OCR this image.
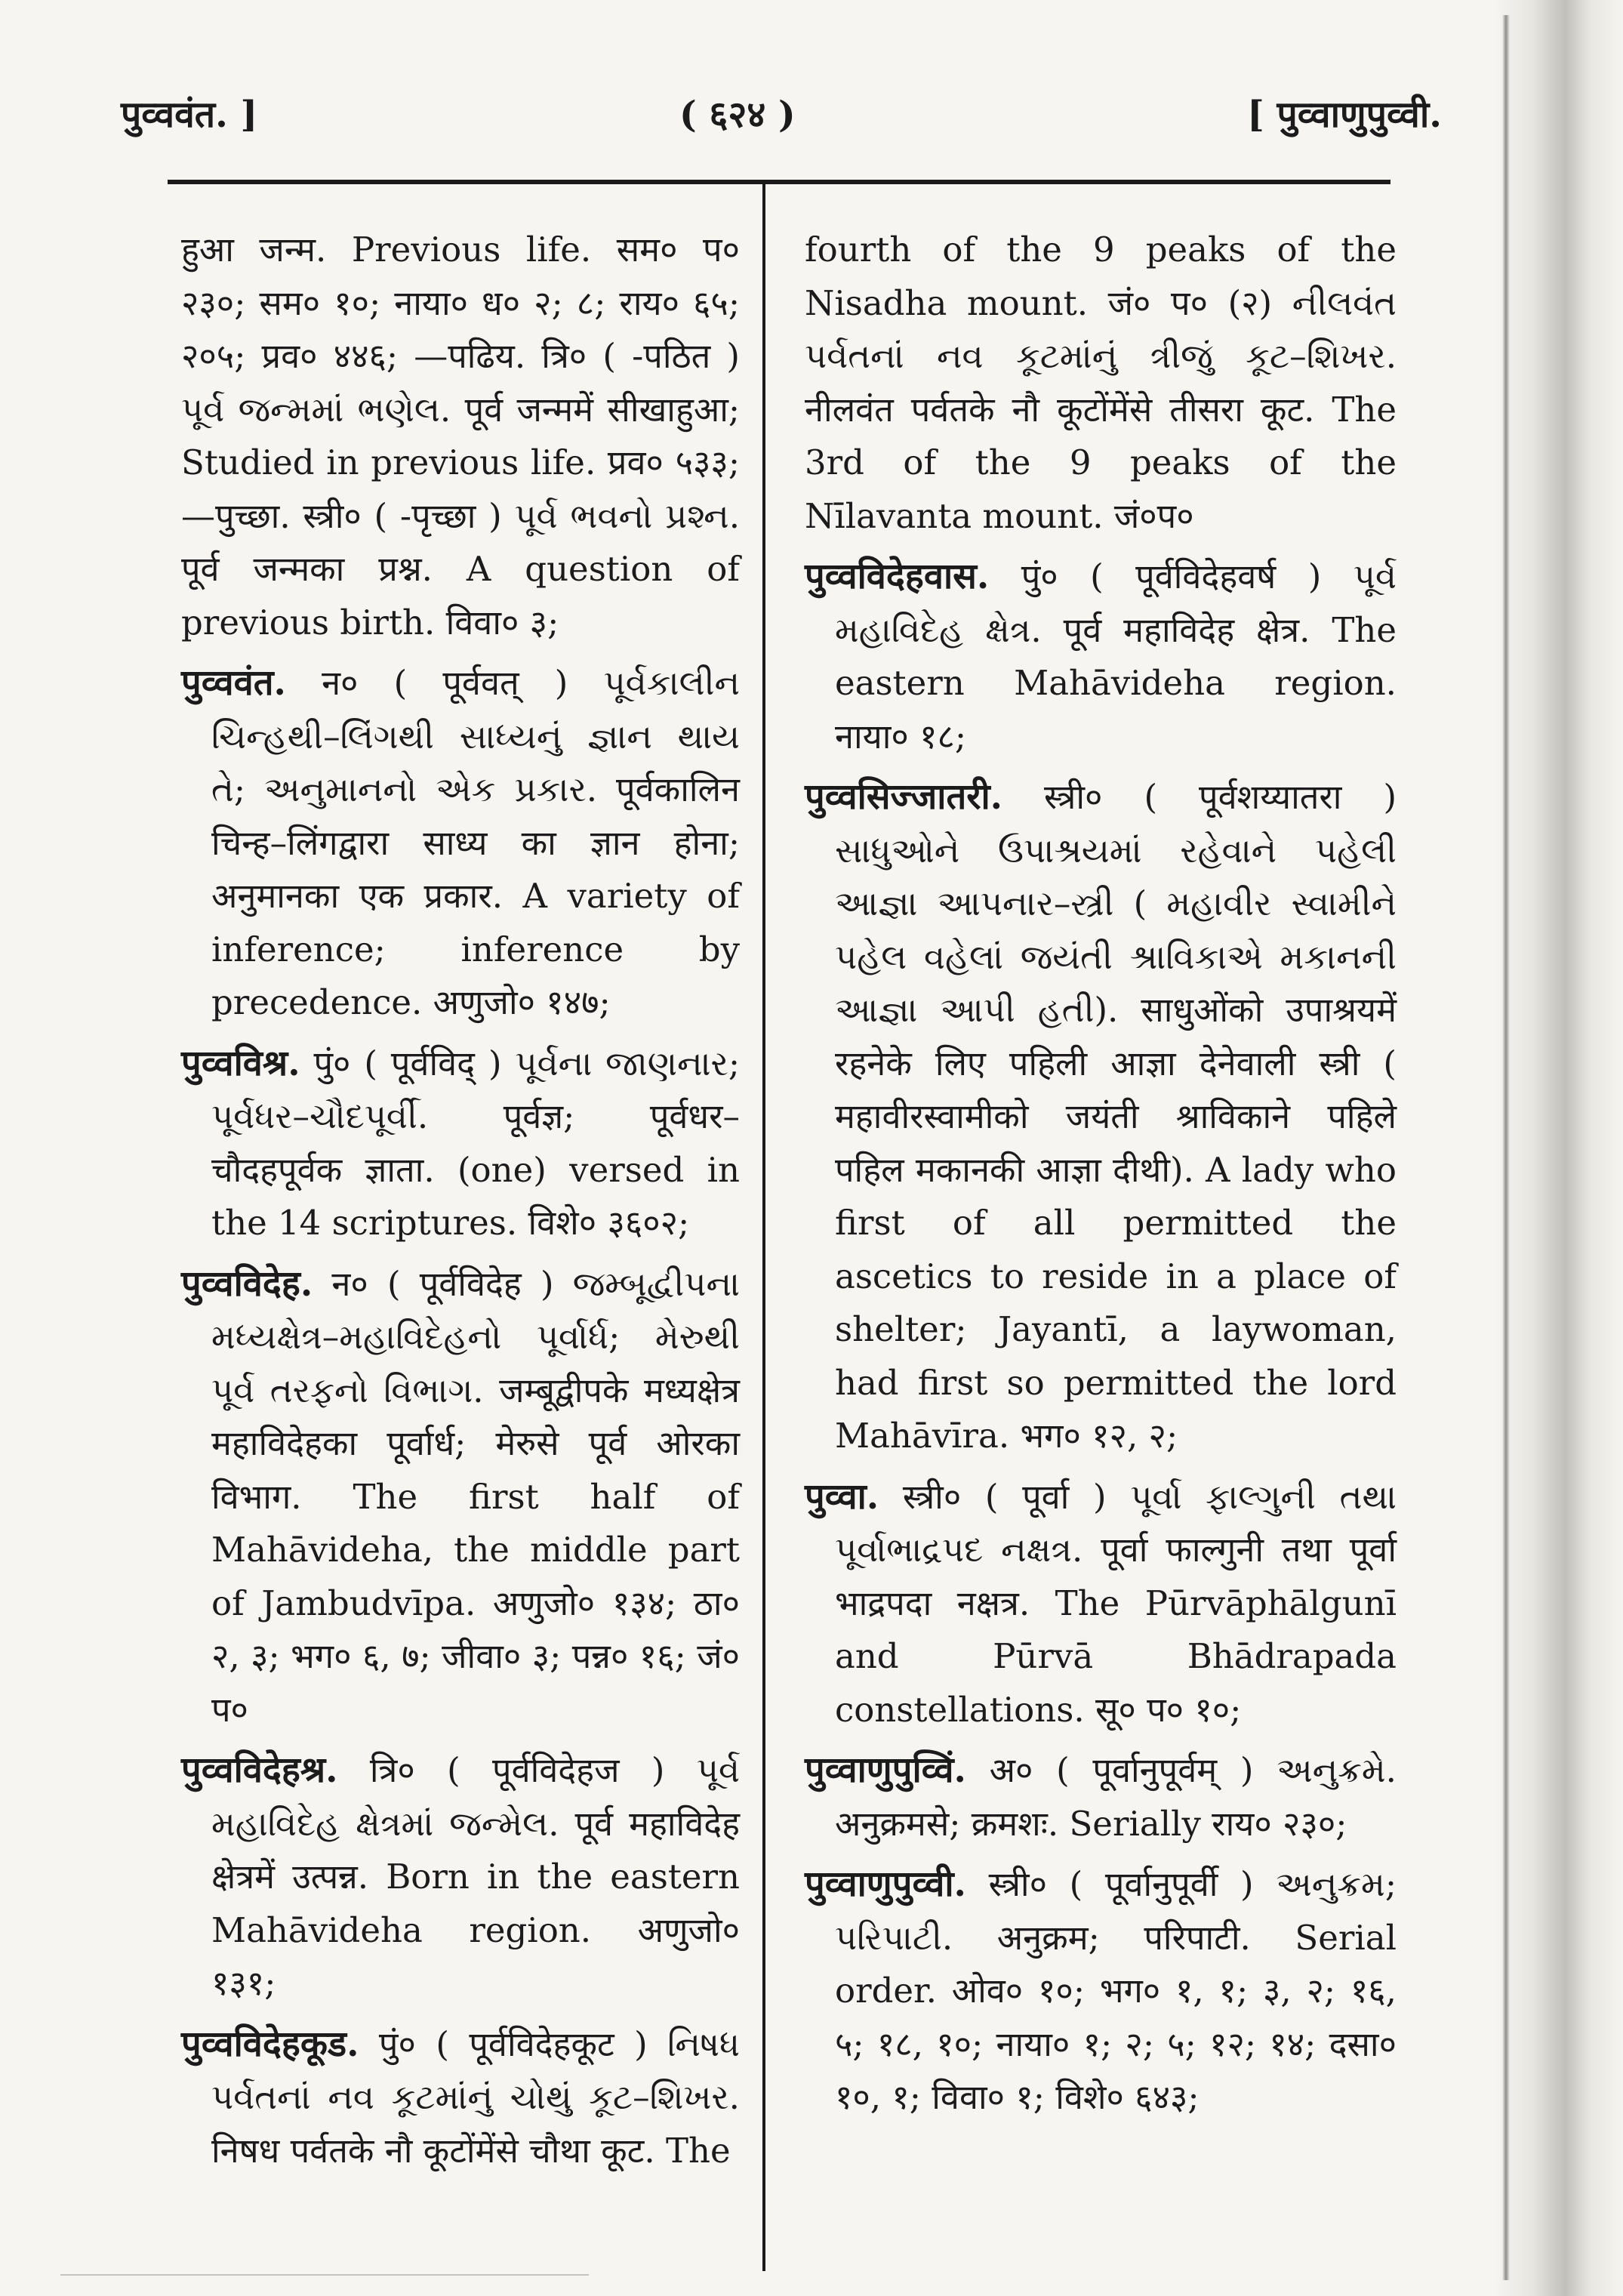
पुव्ववंत. ]	( ६२४ )	[ पुव्वाणुपुव्वी.

हुआ जन्म. Previous life. सम० प० २३०; सम० १०; नाया० ध० २; ८; राय० ६५; २०५; प्रव० ४४६; —पढिय. त्रि० ( -पठित ) પૂર્વ જન્મમાં ભણેલ. पूर्व जन्ममें सीखाहुआ; Studied in previous life. प्रव० ५३३; —पुच्छा. स्त्री० ( -पृच्छा ) પૂર્વ ભવનો પ્રશ્ન. पूर्व जन्मका प्रश्न. A question of previous birth. विवा० ३;

पुव्ववंत. न० ( पूर्ववत् ) પૂર્વકાલીન ચિન્હથી–લિંગથી સાધ્યનું જ્ઞાન થાય તે; અનુમાનનો એક પ્રકાર. पूर्वकालिन चिन्ह–लिंगद्वारा साध्य का ज्ञान होना; अनुमानका एक प्रकार. A variety of inference; inference by precedence. अणुजो० १४७;

पुव्वविश्र. पुं० ( पूर्वविद् ) પૂર્વના જાણનાર; પૂર્વધર–ચૌદપૂર્વી. पूर्वज्ञ; पूर्वधर–चौदहपूर्वक ज्ञाता. (one) versed in the 14 scriptures. विशे० ३६०२;

पुव्वविदेह. न० ( पूर्वविदेह ) જમ્બૂદ્વીપના મધ્યક્ષેત્ર–મહાવિદેહનો પૂર્વાર્ધ; મેરુથી પૂર્વ તરફનો વિભાગ. जम्बूद्वीपके मध्यक्षेत्र महाविदेहका पूर्वार्ध; मेरुसे पूर्व ओरका विभाग. The first half of Mahāvideha, the middle part of Jambudvīpa. अणुजो० १३४; ठा० २, ३; भग० ६, ७; जीवा० ३; पन्न० १६; जं० प०

पुव्वविदेहश्र. त्रि० ( पूर्वविदेहज ) પૂર્વ મહાવિદેહ ક્ષેત્રમાં જન્મેલ. पूर्व महाविदेह क्षेत्रमें उत्पन्न. Born in the eastern Mahāvideha region. अणुजो० १३१;

पुव्वविदेहकूड. पुं० ( पूर्वविदेहकूट ) નિષધ પર્વતનાં નવ કૂટમાંનું ચોથું કૂટ–શિખર. निषध पर्वतके नौ कूटोंमेंसे चौथा कूट. The

fourth of the 9 peaks of the Nisadha mount. जं० प० (२) નીલવંત પર્વતનાં નવ કૂટમાંનું ત્રીજું કૂટ–શિખર. नीलवंत पर्वतके नौ कूटोंमेंसे तीसरा कूट. The 3rd of the 9 peaks of the Nīlavanta mount. जं०प०

पुव्वविदेहवास. पुं० ( पूर्वविदेहवर्ष ) પૂર્વ મહાવિદેહ ક્ષેત્ર. पूर्व महाविदेह क्षेत्र. The eastern Mahāvideha region. नाया० १८;

पुव्वसिज्जातरी. स्त्री० ( पूर्वशय्यातरा ) સાધુઓને ઉપાશ્રયમાં રહેવાને પહેલી આજ્ઞા આપનાર–સ્ત્રી ( મહાવીર સ્વામીને પહેલ વહેલાં જયંતી શ્રાવિકાએ મકાનની આજ્ઞા આપી હતી). साधुओंको उपाश्रयमें रहनेके लिए पहिली आज्ञा देनेवाली स्त्री ( महावीरस्वामीको जयंती श्राविकाने पहिले पहिल मकानकी आज्ञा दीथी). A lady who first of all permitted the ascetics to reside in a place of shelter; Jayantī, a laywoman, had first so permitted the lord Mahāvīra. भग० १२, २;

पुव्वा. स्त्री० ( पूर्वा ) પૂર્વા ફાલ્ગુની તથા પૂર્વાભાદ્રપદ નક્ષત્ર. पूर्वा फाल्गुनी तथा पूर्वा भाद्रपदा नक्षत्र. The Pūrvāphālgunī and Pūrvā Bhādrapada constellations. सू० प० १०;

पुव्वाणुपुव्विं. अ० ( पूर्वानुपूर्वम् ) અનુક્રમે. अनुक्रमसे; क्रमशः. Serially राय० २३०;

पुव्वाणुपुव्वी. स्त्री० ( पूर्वानुपूर्वी ) અનુક્રમ; પરિપાટી. अनुक्रम; परिपाटी. Serial order. ओव० १०; भग० १, १; ३, २; १६, ५; १८, १०; नाया० १; २; ५; १२; १४; दसा० १०, १; विवा० १; विशे० ६४३;
